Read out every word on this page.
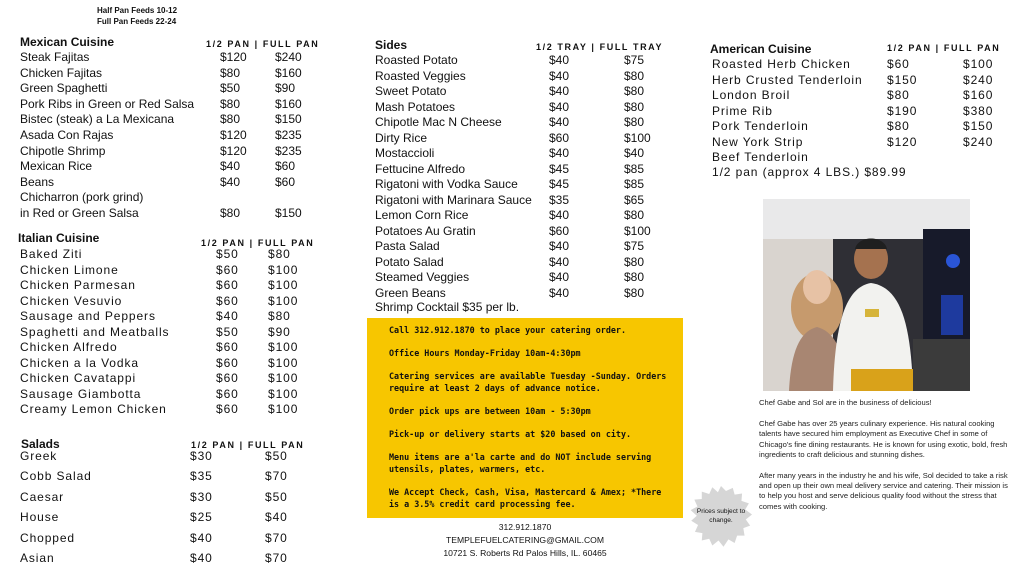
Half Pan Feeds 10-12
Full Pan Feeds 22-24
Mexican Cuisine	1/2 PAN | FULL PAN
Steak Fajitas	$120 $240
Chicken Fajitas	$80	$160
Green Spaghetti	$50	$90
Pork Ribs in Green or Red Salsa $80	$160
Bistec (steak) a La Mexicana	$80	$150
Asada Con Rajas	$120 $235
Chipotle Shrimp	$120 $235
Mexican Rice	$40	$60
Beans	$40	$60
Chicharron (pork grind)
in Red or Green Salsa	$80	$150
Italian Cuisine	1/2 PAN | FULL PAN
Baked Ziti	$50 $80
Chicken Limone	$60 $100
Chicken Parmesan	$60 $100
Chicken Vesuvio	$60 $100
Sausage and Peppers	$40 $80
Spaghetti and Meatballs	$50 $90
Chicken Alfredo	$60 $100
Chicken a la Vodka	$60 $100
Chicken Cavatappi	$60 $100
Sausage Giambotta	$60 $100
Creamy Lemon Chicken	$60 $100
Salads	1/2 PAN | FULL PAN
Greek	$30	$50
Cobb Salad	$35	$70
Caesar	$30	$50
House	$25	$40
Chopped	$40	$70
Asian	$40	$70
Sides	1/2 TRAY | FULL TRAY
Roasted Potato	$40	$75
Roasted Veggies	$40	$80
Sweet Potato	$40	$80
Mash Potatoes	$40	$80
Chipotle Mac N Cheese	$40	$80
Dirty Rice	$60	$100
Mostaccioli	$40	$40
Fettucine Alfredo	$45	$85
Rigatoni with Vodka Sauce	$45	$85
Rigatoni with Marinara Sauce $35	$65
Lemon Corn Rice	$40	$80
Potatoes Au Gratin	$60	$100
Pasta Salad	$40	$75
Potato Salad	$40	$80
Steamed Veggies	$40	$80
Green Beans	$40	$80
Shrimp Cocktail $35 per lb.

Call 312.912.1870 to place your catering order.

Office Hours Monday-Friday 10am-4:30pm

Catering services are available Tuesday -Sunday. Orders require at least 2 days of advance notice.

Order pick ups are between 10am - 5:30pm

Pick-up or delivery starts at $20 based on city.

Menu items are a'la carte and do NOT include serving utensils, plates, warmers, etc.

We Accept Check, Cash, Visa, Mastercard & Amex; *There is a 3.5% credit card processing fee.

312.912.1870
TEMPLEFUELCATERING@GMAIL.COM
10721 S. Roberts Rd Palos Hills, IL. 60465
Prices subject to change.
American Cuisine	1/2 PAN | FULL PAN
Roasted Herb Chicken	$60	$100
Herb Crusted Tenderloin $150	$240
London Broil	$80	$160
Prime Rib	$190	$380
Pork Tenderloin	$80	$150
New York Strip	$120	$240
Beef Tenderloin
1/2 pan (approx 4 LBS.) $89.99

Chef Gabe and Sol are in the business of delicious!

Chef Gabe has over 25 years culinary experience. His natural cooking talents have secured him employment as Executive Chef in some of Chicago's fine dining restaurants. He is known for using exotic, bold, fresh ingredients to craft delicious and stunning dishes.

After many years in the industry he and his wife, Sol decided to take a risk and open up their own meal delivery service and catering. Their mission is to help you host and serve delicious quality food without the stress that comes with cooking.
